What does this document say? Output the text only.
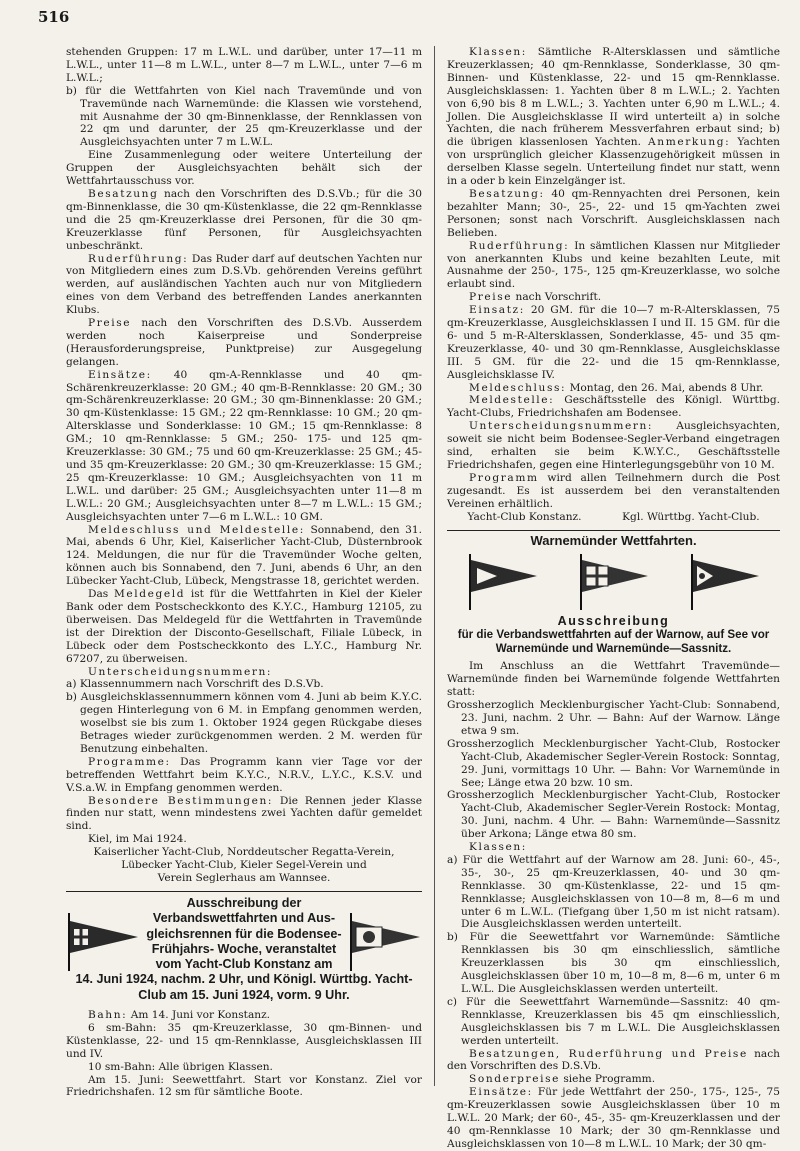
516

stehenden Gruppen: 17 m L.W.L. und darüber, unter 17—11 m L.W.L., unter 11—8 m L.W.L., unter 8—7 m L.W.L., unter 7—6 m L.W.L.;

b) für die Wettfahrten von Kiel nach Travemünde und von Travemünde nach Warnemünde: die Klassen wie vorstehend, mit Ausnahme der 30 qm-Binnenklasse, der Rennklassen von 22 qm und darunter, der 25 qm-Kreuzerklasse und der Ausgleichsyachten unter 7 m L.W.L.

Eine Zusammenlegung oder weitere Unterteilung der Gruppen der Ausgleichsyachten behält sich der Wettfahrtausschuss vor.

Besatzung nach den Vorschriften des D.S.Vb.; für die 30 qm-Binnenklasse, die 30 qm-Küstenklasse, die 22 qm-Rennklasse und die 25 qm-Kreuzerklasse drei Personen, für die 30 qm-Kreuzerklasse fünf Personen, für Ausgleichsyachten unbeschränkt.

Ruderführung: Das Ruder darf auf deutschen Yachten nur von Mitgliedern eines zum D.S.Vb. gehörenden Vereins geführt werden, auf ausländischen Yachten auch nur von Mitgliedern eines von dem Verband des betreffenden Landes anerkannten Klubs.

Preise nach den Vorschriften des D.S.Vb. Ausserdem werden noch Kaiserpreise und Sonderpreise (Herausforderungspreise, Punktpreise) zur Ausgegelung gelangen.

Einsätze: 40 qm-A-Rennklasse und 40 qm-Schärenkreuzerklasse: 20 GM.; 40 qm-B-Rennklasse: 20 GM.; 30 qm-Schärenkreuzerklasse: 20 GM.; 30 qm-Binnenklasse: 20 GM.; 30 qm-Küstenklasse: 15 GM.; 22 qm-Rennklasse: 10 GM.; 20 qm-Altersklasse und Sonderklasse: 10 GM.; 15 qm-Rennklasse: 8 GM.; 10 qm-Rennklasse: 5 GM.; 250- 175- und 125 qm-Kreuzerklasse: 30 GM.; 75 und 60 qm-Kreuzerklasse: 25 GM.; 45- und 35 qm-Kreuzerklasse: 20 GM.; 30 qm-Kreuzerklasse: 15 GM.; 25 qm-Kreuzerklasse: 10 GM.; Ausgleichsyachten von 11 m L.W.L. und darüber: 25 GM.; Ausgleichsyachten unter 11—8 m L.W.L.: 20 GM.; Ausgleichsyachten unter 8—7 m L.W.L.: 15 GM.; Ausgleichsyachten unter 7—6 m L.W.L.: 10 GM.

Meldeschluss und Meldestelle: Sonnabend, den 31. Mai, abends 6 Uhr, Kiel, Kaiserlicher Yacht-Club, Düsternbrook 124. Meldungen, die nur für die Travemünder Woche gelten, können auch bis Sonnabend, den 7. Juni, abends 6 Uhr, an den Lübecker Yacht-Club, Lübeck, Mengstrasse 18, gerichtet werden.

Das Meldegeld ist für die Wettfahrten in Kiel der Kieler Bank oder dem Postscheckkonto des K.Y.C., Hamburg 12105, zu überweisen. Das Meldegeld für die Wettfahrten in Travemünde ist der Direktion der Disconto-Gesellschaft, Filiale Lübeck, in Lübeck oder dem Postscheckkonto des L.Y.C., Hamburg Nr. 67207, zu überweisen.

Unterscheidungsnummern:

a) Klassennummern nach Vorschrift des D.S.Vb.

b) Ausgleichsklassennummern können vom 4. Juni ab beim K.Y.C. gegen Hinterlegung von 6 M. in Empfang genommen werden, woselbst sie bis zum 1. Oktober 1924 gegen Rückgabe dieses Betrages wieder zurückgenommen werden. 2 M. werden für Benutzung einbehalten.

Programme: Das Programm kann vier Tage vor der betreffenden Wettfahrt beim K.Y.C., N.R.V., L.Y.C., K.S.V. und V.S.a.W. in Empfang genommen werden.

Besondere Bestimmungen: Die Rennen jeder Klasse finden nur statt, wenn mindestens zwei Yachten dafür gemeldet sind.

Kiel, im Mai 1924.

Kaiserlicher Yacht-Club, Norddeutscher Regatta-Verein,

Lübecker Yacht-Club, Kieler Segel-Verein und

Verein Seglerhaus am Wannsee.

Ausschreibung der
Verbandswettfahrten und Aus-
gleichsrennen für die Bodensee-
Frühjahrs- Woche, veranstaltet
vom Yacht-Club Konstanz am
14. Juni 1924, nachm. 2 Uhr, und Königl. Württbg. Yacht-
Club am 15. Juni 1924, vorm. 9 Uhr.

Bahn: Am 14. Juni vor Konstanz.

6 sm-Bahn: 35 qm-Kreuzerklasse, 30 qm-Binnen- und Küstenklasse, 22- und 15 qm-Rennklasse, Ausgleichsklassen III und IV.

10 sm-Bahn: Alle übrigen Klassen.

Am 15. Juni: Seewettfahrt. Start vor Konstanz. Ziel vor Friedrichshafen. 12 sm für sämtliche Boote.

Klassen: Sämtliche R-Altersklassen und sämtliche Kreuzerklassen; 40 qm-Rennklasse, Sonderklasse, 30 qm-Binnen- und Küstenklasse, 22- und 15 qm-Rennklasse. Ausgleichsklassen: 1. Yachten über 8 m L.W.L.; 2. Yachten von 6,90 bis 8 m L.W.L.; 3. Yachten unter 6,90 m L.W.L.; 4. Jollen. Die Ausgleichsklasse II wird unterteilt a) in solche Yachten, die nach früherem Messverfahren erbaut sind; b) die übrigen klassenlosen Yachten. Anmerkung: Yachten von ursprünglich gleicher Klassenzugehörigkeit müssen in derselben Klasse segeln. Unterteilung findet nur statt, wenn in a oder b kein Einzelgänger ist.

Besatzung: 40 qm-Rennyachten drei Personen, kein bezahlter Mann; 30-, 25-, 22- und 15 qm-Yachten zwei Personen; sonst nach Vorschrift. Ausgleichsklassen nach Belieben.

Ruderführung: In sämtlichen Klassen nur Mitglieder von anerkannten Klubs und keine bezahlten Leute, mit Ausnahme der 250-, 175-, 125 qm-Kreuzerklasse, wo solche erlaubt sind.

Preise nach Vorschrift.

Einsatz: 20 GM. für die 10—7 m-R-Altersklassen, 75 qm-Kreuzerklasse, Ausgleichsklassen I und II. 15 GM. für die 6- und 5 m-R-Altersklassen, Sonderklasse, 45- und 35 qm-Kreuzerklasse, 40- und 30 qm-Rennklasse, Ausgleichsklasse III. 5 GM. für die 22- und die 15 qm-Rennklasse, Ausgleichsklasse IV.

Meldeschluss: Montag, den 26. Mai, abends 8 Uhr.

Meldestelle: Geschäftsstelle des Königl. Württbg. Yacht-Clubs, Friedrichshafen am Bodensee.

Unterscheidungsnummern: Ausgleichsyachten, soweit sie nicht beim Bodensee-Segler-Verband eingetragen sind, erhalten sie beim K.W.Y.C., Geschäftsstelle Friedrichshafen, gegen eine Hinterlegungsgebühr von 10 M.

Programm wird allen Teilnehmern durch die Post zugesandt. Es ist ausserdem bei den veranstaltenden Vereinen erhältlich.

Yacht-Club Konstanz.	Kgl. Württbg. Yacht-Club.

Warnemünder Wettfahrten.
Ausschreibung
für die Verbandswettfahrten auf der Warnow, auf See vor Warnemünde und Warnemünde—Sassnitz.

Im Anschluss an die Wettfahrt Travemünde—Warnemünde finden bei Warnemünde folgende Wettfahrten statt:

Grossherzoglich Mecklenburgischer Yacht-Club: Sonnabend, 23. Juni, nachm. 2 Uhr. — Bahn: Auf der Warnow. Länge etwa 9 sm.

Grossherzoglich Mecklenburgischer Yacht-Club, Rostocker Yacht-Club, Akademischer Segler-Verein Rostock: Sonntag, 29. Juni, vormittags 10 Uhr. — Bahn: Vor Warnemünde in See; Länge etwa 20 bzw. 10 sm.

Grossherzoglich Mecklenburgischer Yacht-Club, Rostocker Yacht-Club, Akademischer Segler-Verein Rostock: Montag, 30. Juni, nachm. 4 Uhr. — Bahn: Warnemünde—Sassnitz über Arkona; Länge etwa 80 sm.

Klassen:

a) Für die Wettfahrt auf der Warnow am 28. Juni: 60-, 45-, 35-, 30-, 25 qm-Kreuzerklassen, 40- und 30 qm-Rennklasse. 30 qm-Küstenklasse, 22- und 15 qm-Rennklasse; Ausgleichsklassen von 10—8 m, 8—6 m und unter 6 m L.W.L. (Tiefgang über 1,50 m ist nicht ratsam). Die Ausgleichsklassen werden unterteilt.

b) Für die Seewettfahrt vor Warnemünde: Sämtliche Rennklassen bis 30 qm einschliesslich, sämtliche Kreuzerklassen bis 30 qm einschliesslich, Ausgleichsklassen über 10 m, 10—8 m, 8—6 m, unter 6 m L.W.L. Die Ausgleichsklassen werden unterteilt.

c) Für die Seewettfahrt Warnemünde—Sassnitz: 40 qm-Rennklasse, Kreuzerklassen bis 45 qm einschliesslich, Ausgleichsklassen bis 7 m L.W.L. Die Ausgleichsklassen werden unterteilt.

Besatzungen, Ruderführung und Preise nach den Vorschriften des D.S.Vb.

Sonderpreise siehe Programm.

Einsätze: Für jede Wettfahrt der 250-, 175-, 125-, 75 qm-Kreuzerklassen sowie Ausgleichsklassen über 10 m L.W.L. 20 Mark; der 60-, 45-, 35- qm-Kreuzerklassen und der 40 qm-Rennklasse 10 Mark; der 30 qm-Rennklasse und Ausgleichsklassen von 10—8 m L.W.L. 10 Mark; der 30 qm-
